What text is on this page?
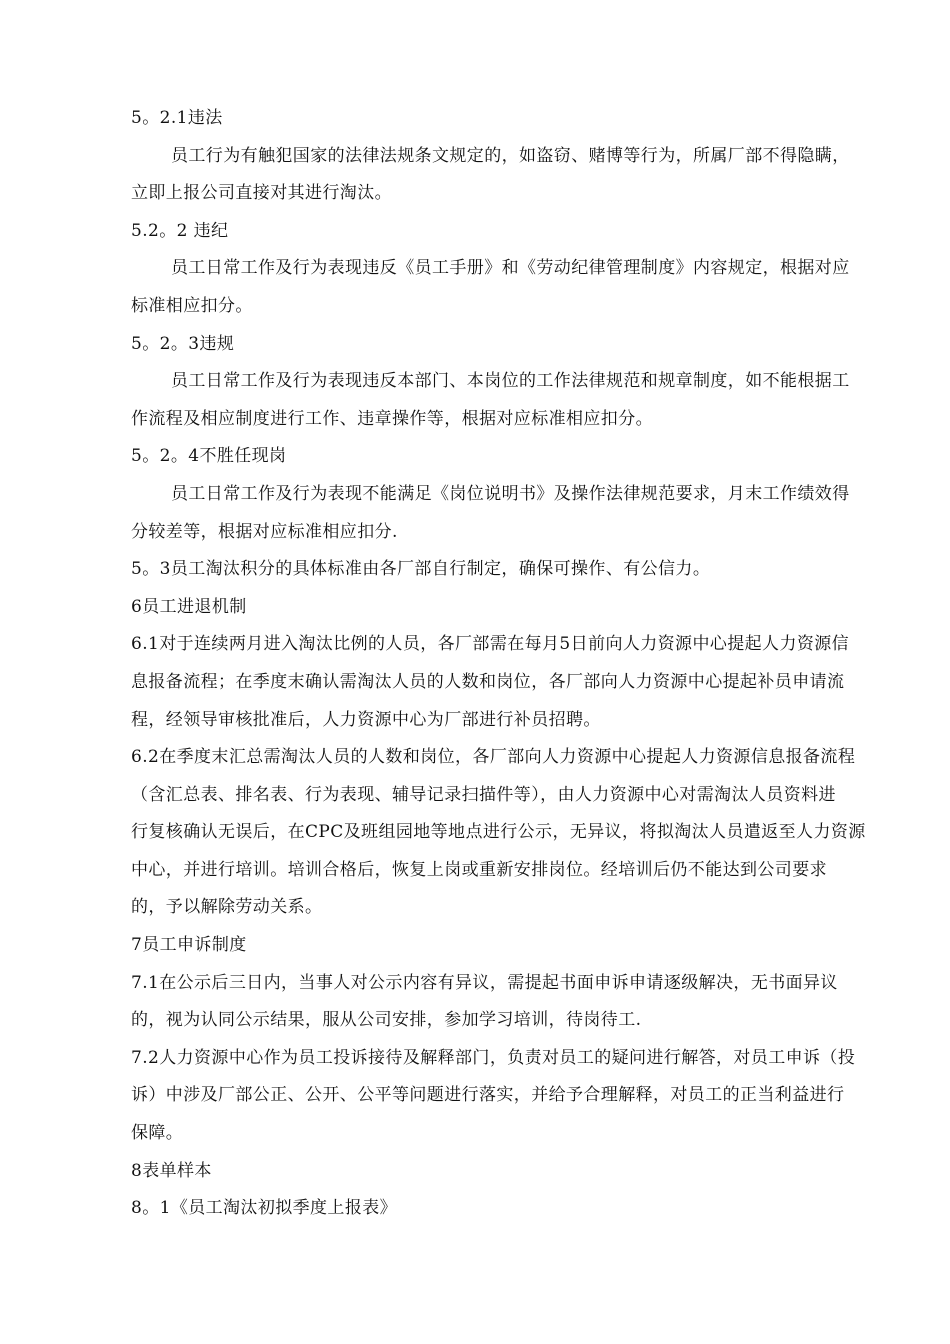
5。2.1违法
员工行为有触犯国家的法律法规条文规定的，如盗窃、赌博等行为，所属厂部不得隐瞒，
立即上报公司直接对其进行淘汰。
5.2。2 违纪
员工日常工作及行为表现违反《员工手册》和《劳动纪律管理制度》内容规定，根据对应
标准相应扣分。
5。2。3违规
员工日常工作及行为表现违反本部门、本岗位的工作法律规范和规章制度，如不能根据工
作流程及相应制度进行工作、违章操作等，根据对应标准相应扣分。
5。2。4不胜任现岗
员工日常工作及行为表现不能满足《岗位说明书》及操作法律规范要求，月末工作绩效得
分较差等，根据对应标准相应扣分.
5。3员工淘汰积分的具体标准由各厂部自行制定，确保可操作、有公信力。
6员工进退机制
6.1对于连续两月进入淘汰比例的人员，各厂部需在每月5日前向人力资源中心提起人力资源信
息报备流程；在季度末确认需淘汰人员的人数和岗位，各厂部向人力资源中心提起补员申请流
程，经领导审核批准后，人力资源中心为厂部进行补员招聘。
6.2在季度末汇总需淘汰人员的人数和岗位，各厂部向人力资源中心提起人力资源信息报备流程
（含汇总表、排名表、行为表现、辅导记录扫描件等），由人力资源中心对需淘汰人员资料进
行复核确认无误后，在CPC及班组园地等地点进行公示，无异议，将拟淘汰人员遣返至人力资源
中心，并进行培训。培训合格后，恢复上岗或重新安排岗位。经培训后仍不能达到公司要求
的，予以解除劳动关系。
7员工申诉制度
7.1在公示后三日内，当事人对公示内容有异议，需提起书面申诉申请逐级解决，无书面异议
的，视为认同公示结果，服从公司安排，参加学习培训，待岗待工.
7.2人力资源中心作为员工投诉接待及解释部门，负责对员工的疑问进行解答，对员工申诉（投
诉）中涉及厂部公正、公开、公平等问题进行落实，并给予合理解释，对员工的正当利益进行
保障。
8表单样本
8。1《员工淘汰初拟季度上报表》
